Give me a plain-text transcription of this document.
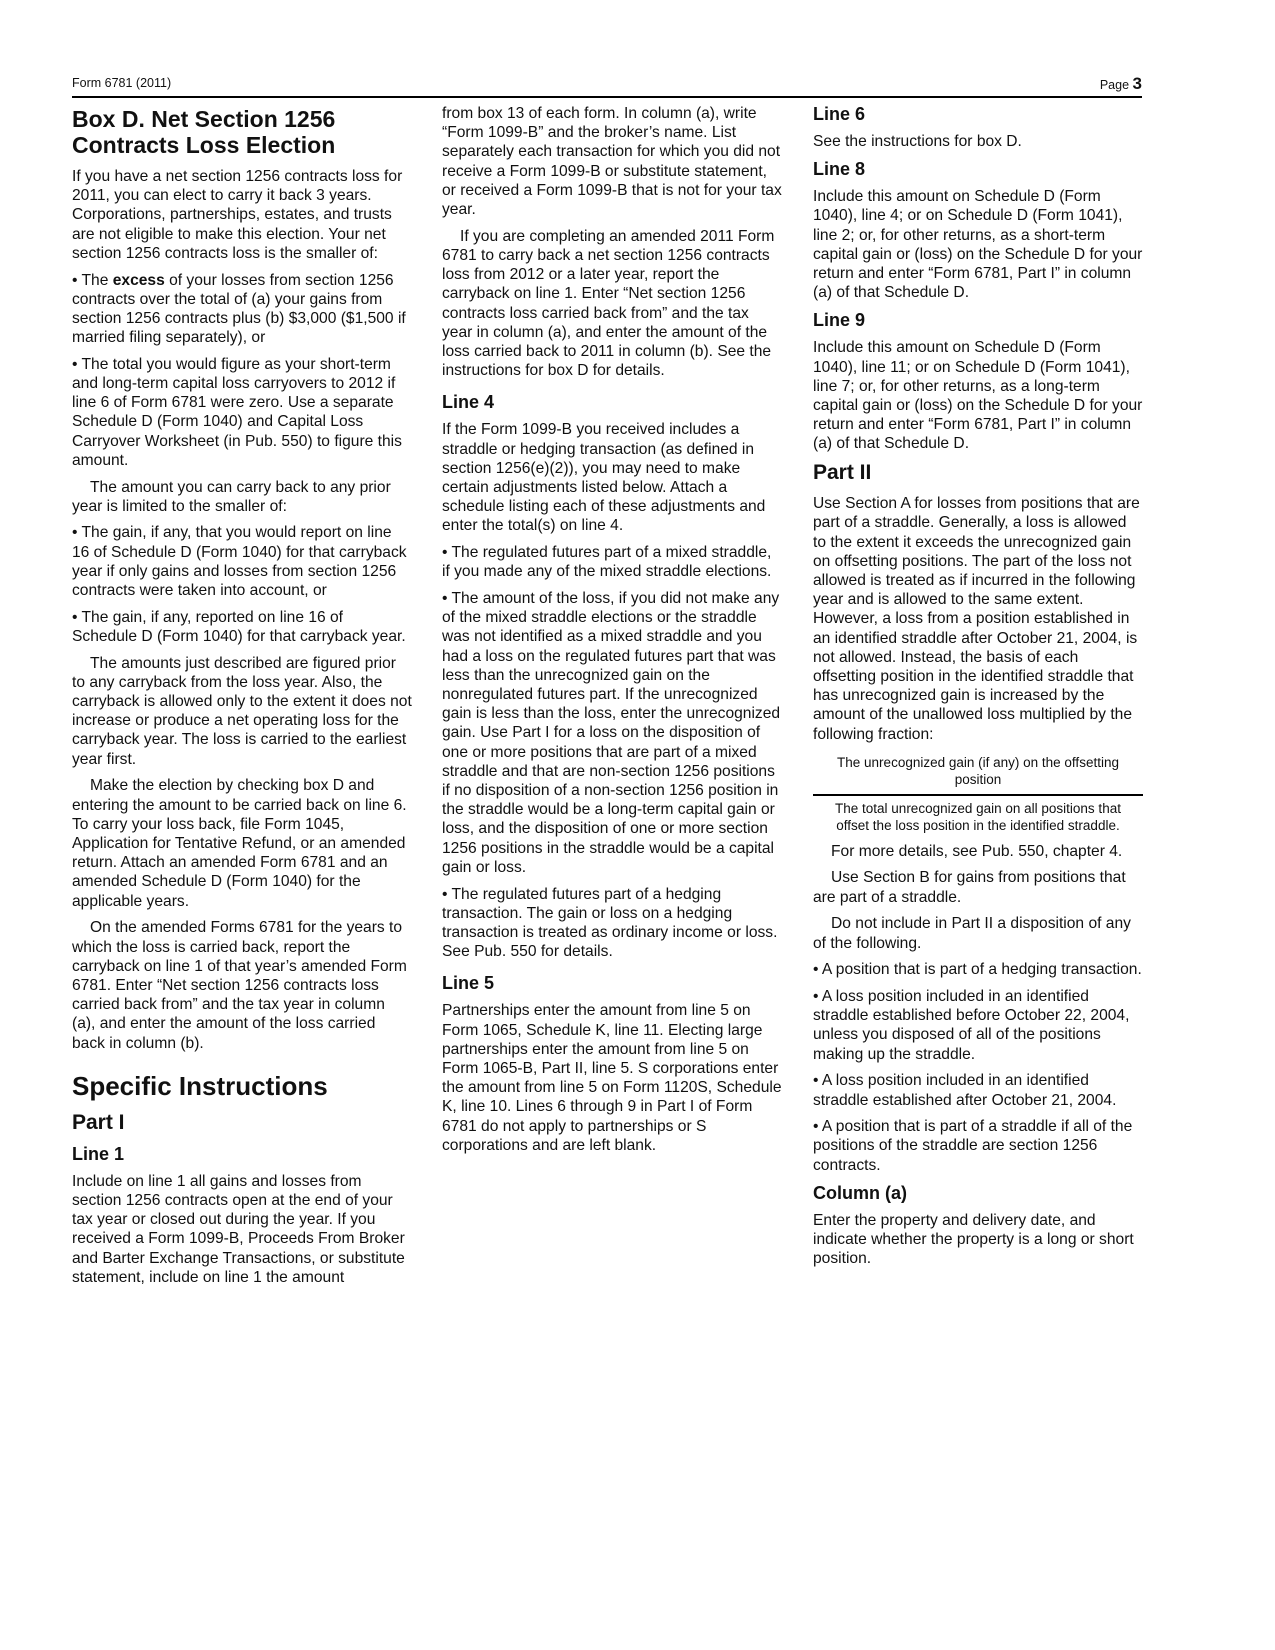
Form 6781 (2011)	Page 3
Box D. Net Section 1256 Contracts Loss Election

If you have a net section 1256 contracts loss for 2011, you can elect to carry it back 3 years. Corporations, partnerships, estates, and trusts are not eligible to make this election. Your net section 1256 contracts loss is the smaller of:

• The excess of your losses from section 1256 contracts over the total of (a) your gains from section 1256 contracts plus (b) $3,000 ($1,500 if married filing separately), or

• The total you would figure as your short-term and long-term capital loss carryovers to 2012 if line 6 of Form 6781 were zero. Use a separate Schedule D (Form 1040) and Capital Loss Carryover Worksheet (in Pub. 550) to figure this amount.

The amount you can carry back to any prior year is limited to the smaller of:

• The gain, if any, that you would report on line 16 of Schedule D (Form 1040) for that carryback year if only gains and losses from section 1256 contracts were taken into account, or

• The gain, if any, reported on line 16 of Schedule D (Form 1040) for that carryback year.

The amounts just described are figured prior to any carryback from the loss year. Also, the carryback is allowed only to the extent it does not increase or produce a net operating loss for the carryback year. The loss is carried to the earliest year first.

Make the election by checking box D and entering the amount to be carried back on line 6. To carry your loss back, file Form 1045, Application for Tentative Refund, or an amended return. Attach an amended Form 6781 and an amended Schedule D (Form 1040) for the applicable years.

On the amended Forms 6781 for the years to which the loss is carried back, report the carryback on line 1 of that year’s amended Form 6781. Enter “Net section 1256 contracts loss carried back from” and the tax year in column (a), and enter the amount of the loss carried back in column (b).

Specific Instructions
Part I
Line 1

Include on line 1 all gains and losses from section 1256 contracts open at the end of your tax year or closed out during the year. If you received a Form 1099-B, Proceeds From Broker and Barter Exchange Transactions, or substitute statement, include on line 1 the amount

from box 13 of each form. In column (a), write “Form 1099-B” and the broker’s name. List separately each transaction for which you did not receive a Form 1099-B or substitute statement, or received a Form 1099-B that is not for your tax year.

If you are completing an amended 2011 Form 6781 to carry back a net section 1256 contracts loss from 2012 or a later year, report the carryback on line 1. Enter “Net section 1256 contracts loss carried back from” and the tax year in column (a), and enter the amount of the loss carried back to 2011 in column (b). See the instructions for box D for details.

Line 4

If the Form 1099-B you received includes a straddle or hedging transaction (as defined in section 1256(e)(2)), you may need to make certain adjustments listed below. Attach a schedule listing each of these adjustments and enter the total(s) on line 4.

• The regulated futures part of a mixed straddle, if you made any of the mixed straddle elections.

• The amount of the loss, if you did not make any of the mixed straddle elections or the straddle was not identified as a mixed straddle and you had a loss on the regulated futures part that was less than the unrecognized gain on the nonregulated futures part. If the unrecognized gain is less than the loss, enter the unrecognized gain. Use Part I for a loss on the disposition of one or more positions that are part of a mixed straddle and that are non-section 1256 positions if no disposition of a non-section 1256 position in the straddle would be a long-term capital gain or loss, and the disposition of one or more section 1256 positions in the straddle would be a capital gain or loss.

• The regulated futures part of a hedging transaction. The gain or loss on a hedging transaction is treated as ordinary income or loss. See Pub. 550 for details.

Line 5

Partnerships enter the amount from line 5 on Form 1065, Schedule K, line 11. Electing large partnerships enter the amount from line 5 on Form 1065-B, Part II, line 5. S corporations enter the amount from line 5 on Form 1120S, Schedule K, line 10. Lines 6 through 9 in Part I of Form 6781 do not apply to partnerships or S corporations and are left blank.

Line 6

See the instructions for box D.

Line 8

Include this amount on Schedule D (Form 1040), line 4; or on Schedule D (Form 1041), line 2; or, for other returns, as a short-term capital gain or (loss) on the Schedule D for your return and enter “Form 6781, Part I” in column (a) of that Schedule D.

Line 9

Include this amount on Schedule D (Form 1040), line 11; or on Schedule D (Form 1041), line 7; or, for other returns, as a long-term capital gain or (loss) on the Schedule D for your return and enter “Form 6781, Part I” in column (a) of that Schedule D.

Part II

Use Section A for losses from positions that are part of a straddle. Generally, a loss is allowed to the extent it exceeds the unrecognized gain on offsetting positions. The part of the loss not allowed is treated as if incurred in the following year and is allowed to the same extent. However, a loss from a position established in an identified straddle after October 21, 2004, is not allowed. Instead, the basis of each offsetting position in the identified straddle that has unrecognized gain is increased by the amount of the unallowed loss multiplied by the following fraction:

The unrecognized gain (if any) on the offsetting position
The total unrecognized gain on all positions that offset the loss position in the identified straddle.

For more details, see Pub. 550, chapter 4.

Use Section B for gains from positions that are part of a straddle.

Do not include in Part II a disposition of any of the following.

• A position that is part of a hedging transaction.

• A loss position included in an identified straddle established before October 22, 2004, unless you disposed of all of the positions making up the straddle.

• A loss position included in an identified straddle established after October 21, 2004.

• A position that is part of a straddle if all of the positions of the straddle are section 1256 contracts.

Column (a)

Enter the property and delivery date, and indicate whether the property is a long or short position.
